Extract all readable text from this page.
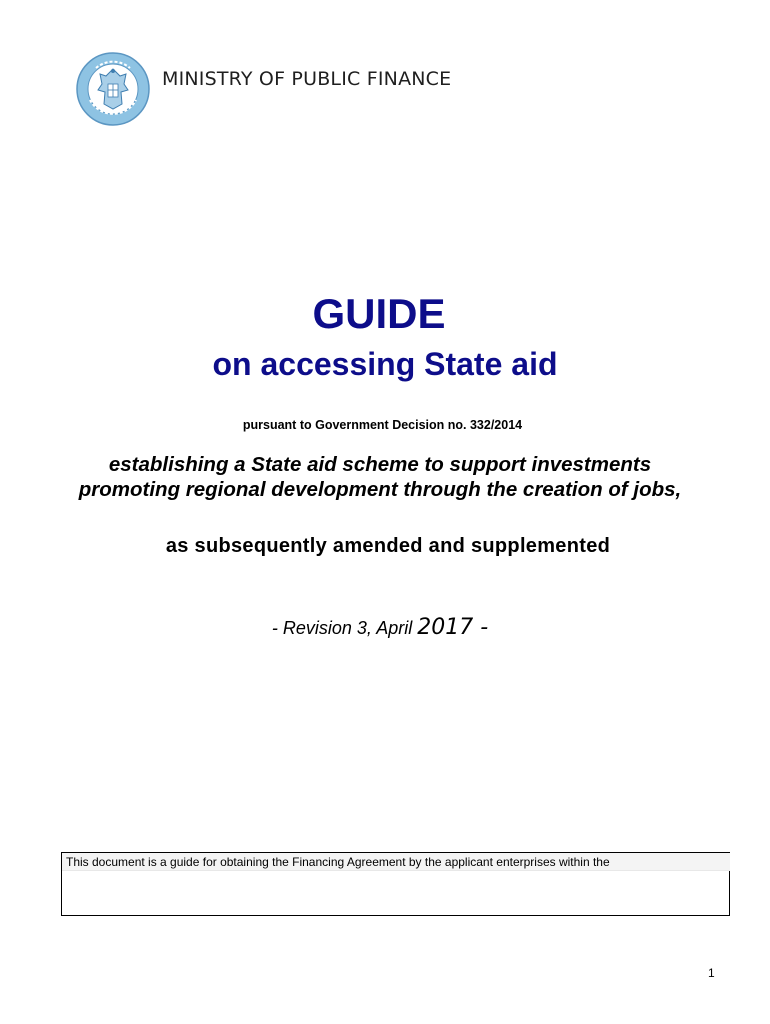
MINISTRY OF PUBLIC FINANCE
GUIDE
on accessing State aid
pursuant to Government Decision no. 332/2014
establishing a State aid scheme to support investments promoting regional development through the creation of jobs,
as subsequently amended and supplemented
- Revision 3, April 2017 -
This document is a guide for obtaining the Financing Agreement by the applicant enterprises within the
1
